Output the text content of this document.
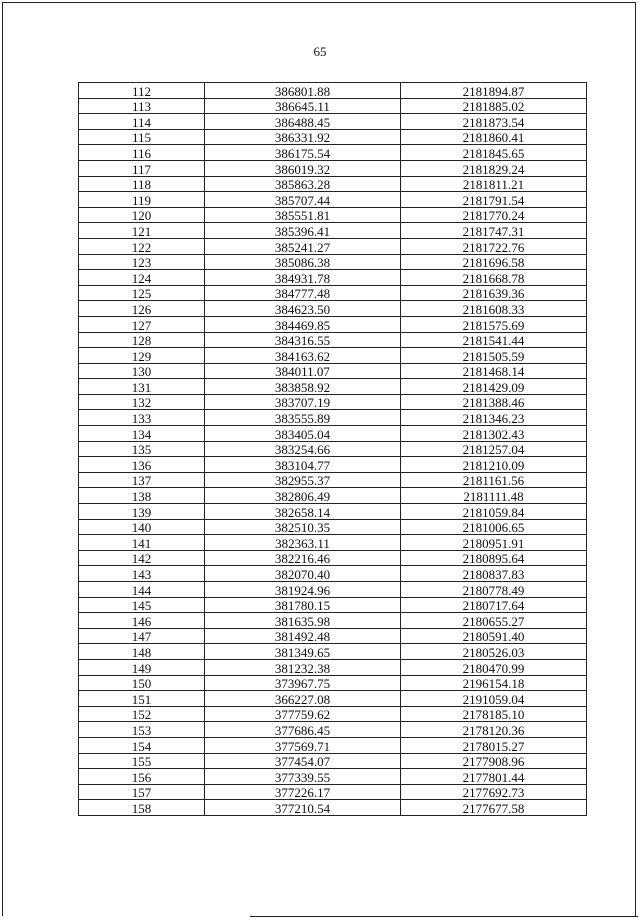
65
112	386801.88	2181894.87
113	386645.11	2181885.02
114	386488.45	2181873.54
115	386331.92	2181860.41
116	386175.54	2181845.65
117	386019.32	2181829.24
118	385863.28	2181811.21
119	385707.44	2181791.54
120	385551.81	2181770.24
121	385396.41	2181747.31
122	385241.27	2181722.76
123	385086.38	2181696.58
124	384931.78	2181668.78
125	384777.48	2181639.36
126	384623.50	2181608.33
127	384469.85	2181575.69
128	384316.55	2181541.44
129	384163.62	2181505.59
130	384011.07	2181468.14
131	383858.92	2181429.09
132	383707.19	2181388.46
133	383555.89	2181346.23
134	383405.04	2181302.43
135	383254.66	2181257.04
136	383104.77	2181210.09
137	382955.37	2181161.56
138	382806.49	2181111.48
139	382658.14	2181059.84
140	382510.35	2181006.65
141	382363.11	2180951.91
142	382216.46	2180895.64
143	382070.40	2180837.83
144	381924.96	2180778.49
145	381780.15	2180717.64
146	381635.98	2180655.27
147	381492.48	2180591.40
148	381349.65	2180526.03
149	381232.38	2180470.99
150	373967.75	2196154.18
151	366227.08	2191059.04
152	377759.62	2178185.10
153	377686.45	2178120.36
154	377569.71	2178015.27
155	377454.07	2177908.96
156	377339.55	2177801.44
157	377226.17	2177692.73
158	377210.54	2177677.58
